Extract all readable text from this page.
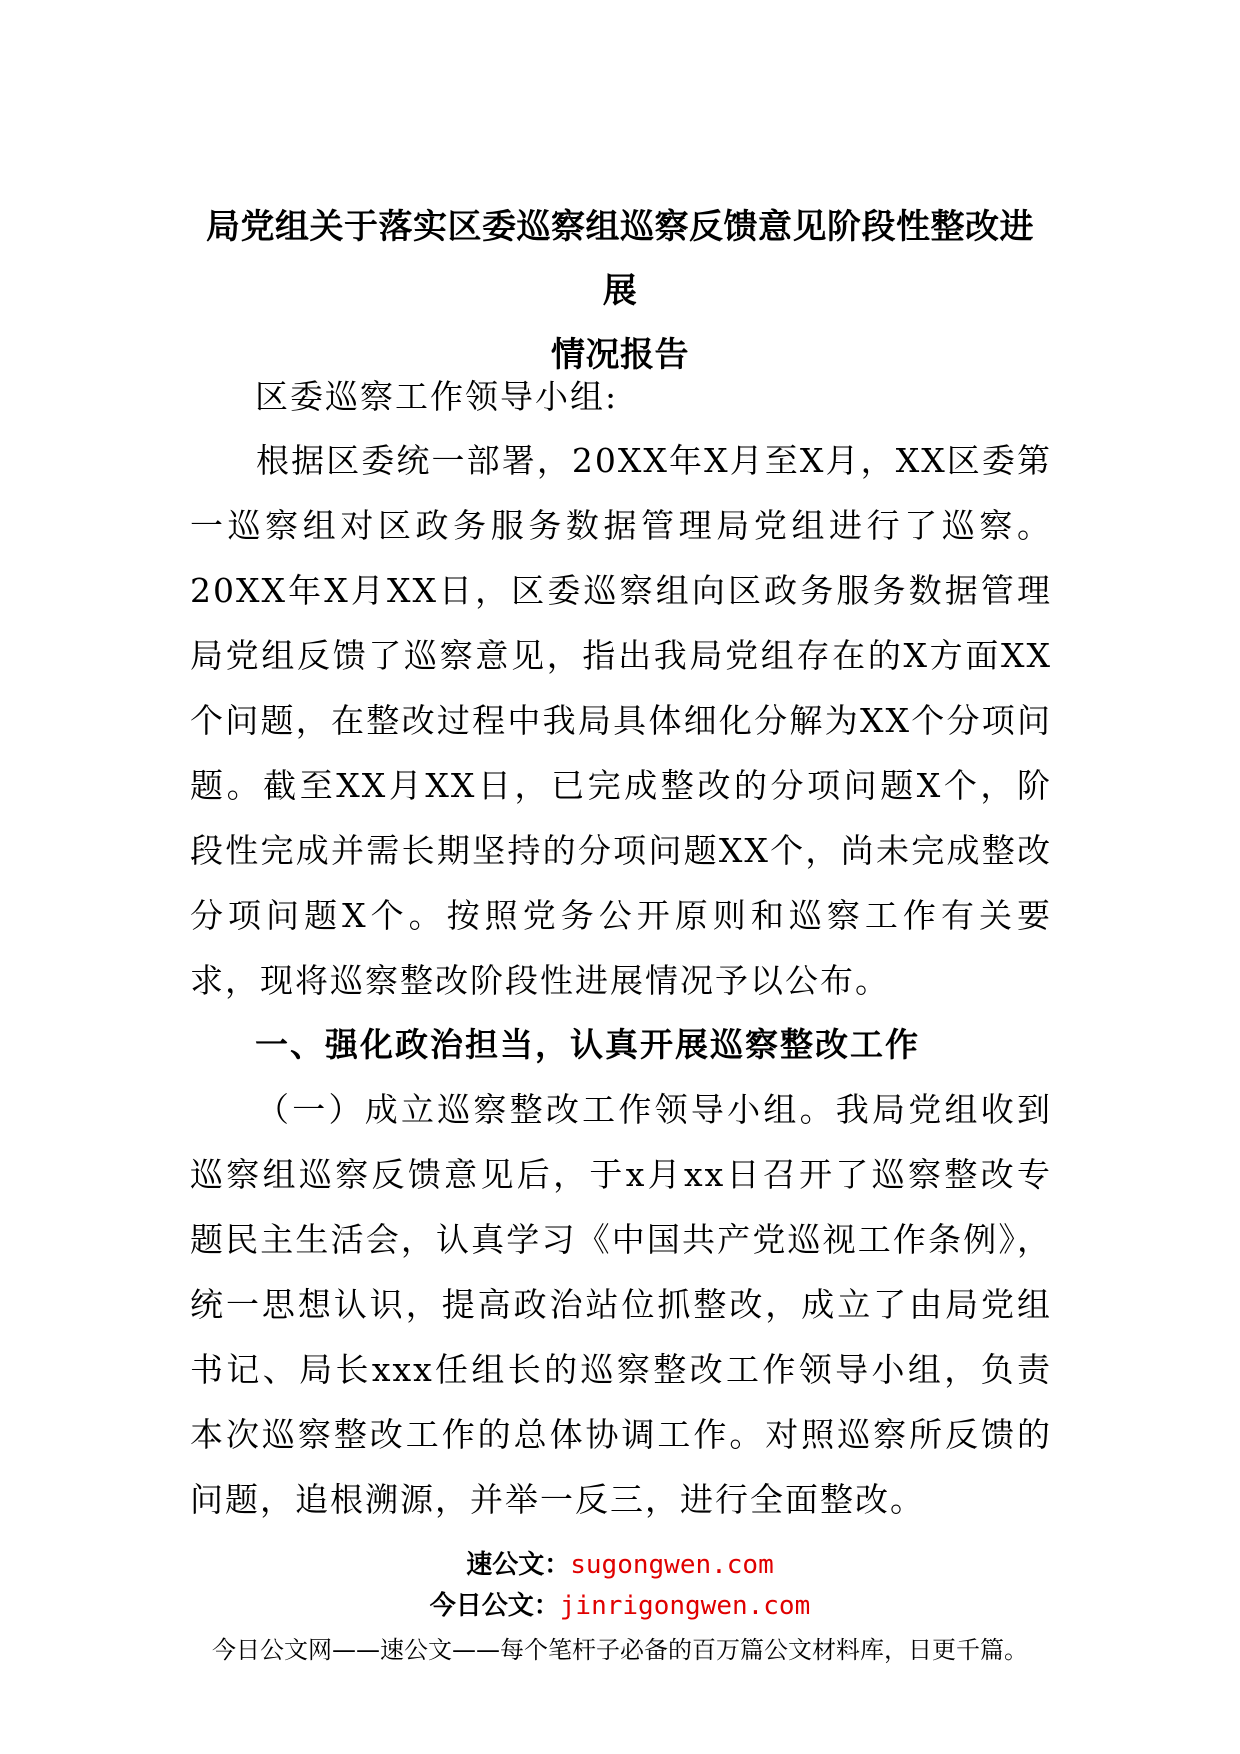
局党组关于落实区委巡察组巡察反馈意见阶段性整改进展
情况报告
区委巡察工作领导小组:
根据区委统一部署，20XX年X月至X月，XX区委第一巡察组对区政务服务数据管理局党组进行了巡察。20XX年X月XX日，区委巡察组向区政务服务数据管理局党组反馈了巡察意见，指出我局党组存在的X方面XX个问题，在整改过程中我局具体细化分解为XX个分项问题。截至XX月XX日，已完成整改的分项问题X个，阶段性完成并需长期坚持的分项问题XX个，尚未完成整改分项问题X个。按照党务公开原则和巡察工作有关要求，现将巡察整改阶段性进展情况予以公布。
一、强化政治担当，认真开展巡察整改工作
（一）成立巡察整改工作领导小组。我局党组收到巡察组巡察反馈意见后，于x月xx日召开了巡察整改专题民主生活会，认真学习《中国共产党巡视工作条例》，统一思想认识，提高政治站位抓整改，成立了由局党组书记、局长xxx任组长的巡察整改工作领导小组，负责本次巡察整改工作的总体协调工作。对照巡察所反馈的问题，追根溯源，并举一反三，进行全面整改。
速公文：sugongwen.com
今日公文：jinrigongwen.com
今日公文网——速公文——每个笔杆子必备的百万篇公文材料库，日更千篇。
